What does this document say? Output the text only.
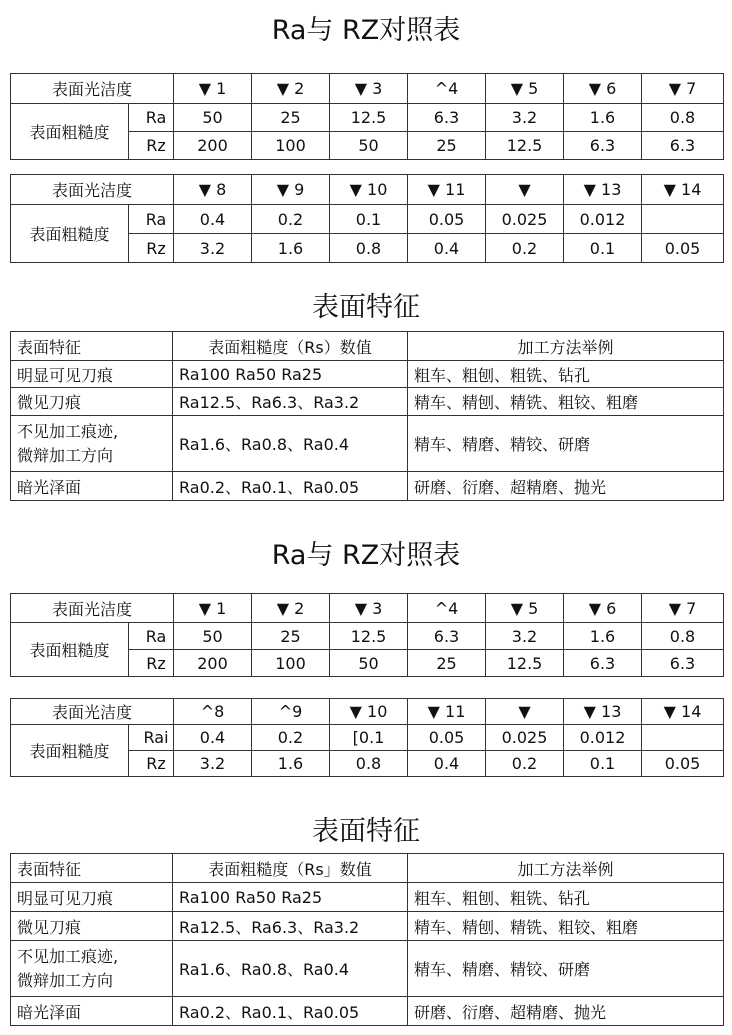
Ra与 RZ对照表
表面光洁度		▼ 1	▼ 2	▼ 3	^4	▼ 5	▼ 6	▼ 7
表面粗糙度	Ra	50	25	12.5	6.3	3.2	1.6	0.8
	Rz	200	100	50	25	12.5	6.3	6.3
表面光洁度		▼ 8	▼ 9	▼ 10	▼ 11	▼	▼ 13	▼ 14
表面粗糙度	Ra	0.4	0.2	0.1	0.05	0.025	0.012	
	Rz	3.2	1.6	0.8	0.4	0.2	0.1	0.05
表面特征
表面特征	表面粗糙度（Rs）数值	加工方法举例
明显可见刀痕	Ra100 Ra50 Ra25	粗车、粗刨、粗铣、钻孔
微见刀痕	Ra12.5、Ra6.3、Ra3.2	精车、精刨、精铣、粗铰、粗磨
不见加工痕迹,
微辩加工方向	Ra1.6、Ra0.8、Ra0.4	精车、精磨、精铰、研磨
暗光泽面	Ra0.2、Ra0.1、Ra0.05	研磨、衍磨、超精磨、抛光
Ra与 RZ对照表
表面光洁度		▼ 1	▼ 2	▼ 3	^4	▼ 5	▼ 6	▼ 7
表面粗糙度	Ra	50	25	12.5	6.3	3.2	1.6	0.8
	Rz	200	100	50	25	12.5	6.3	6.3
表面光洁度		^8	^9	▼ 10	▼ 11	▼	▼ 13	▼ 14
表面粗糙度	Rai	0.4	0.2	[0.1	0.05	0.025	0.012	
	Rz	3.2	1.6	0.8	0.4	0.2	0.1	0.05
表面特征
表面特征	表面粗糙度（Rs」数值	加工方法举例
明显可见刀痕	Ra100 Ra50 Ra25	粗车、粗刨、粗铣、钻孔
微见刀痕	Ra12.5、Ra6.3、Ra3.2	精车、精刨、精铣、粗铰、粗磨
不见加工痕迹,
微辩加工方向	Ra1.6、Ra0.8、Ra0.4	精车、精磨、精铰、研磨
暗光泽面	Ra0.2、Ra0.1、Ra0.05	研磨、衍磨、超精磨、抛光
